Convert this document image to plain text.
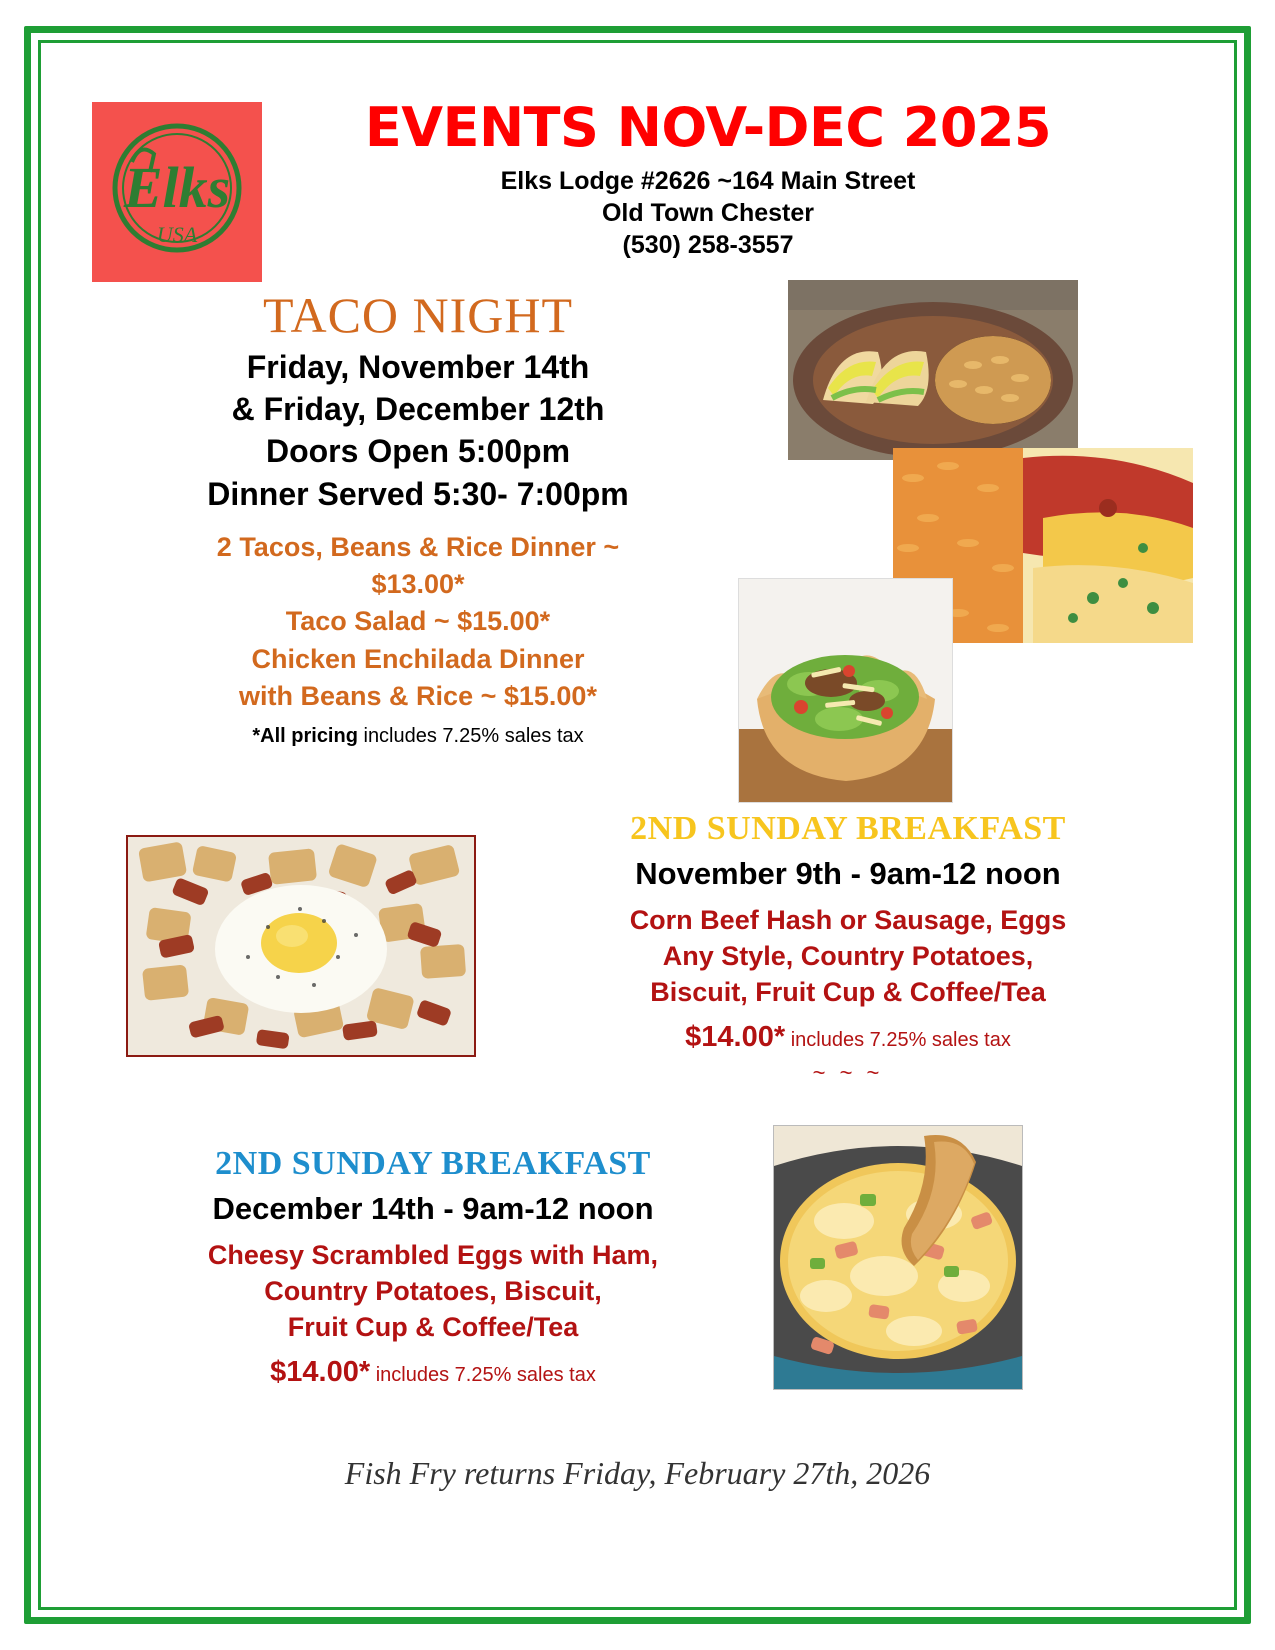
Elks
USA
EVENTS NOV-DEC 2025
Elks Lodge #2626 ~164 Main Street
Old Town Chester
(530) 258-3557
TACO NIGHT
Friday, November 14th
& Friday, December 12th
Doors Open 5:00pm
Dinner Served 5:30- 7:00pm
2 Tacos, Beans & Rice Dinner ~
$13.00*
Taco Salad ~ $15.00*
Chicken Enchilada Dinner
with Beans & Rice ~ $15.00*
*All pricing includes 7.25% sales tax
2ND SUNDAY BREAKFAST
November 9th - 9am-12 noon
Corn Beef Hash or Sausage, Eggs
Any Style, Country Potatoes,
Biscuit, Fruit Cup & Coffee/Tea
$14.00* includes 7.25% sales tax
~ ~ ~
2ND SUNDAY BREAKFAST
December 14th - 9am-12 noon
Cheesy Scrambled Eggs with Ham,
Country Potatoes, Biscuit,
Fruit Cup & Coffee/Tea
$14.00* includes 7.25% sales tax
Fish Fry returns Friday, February 27th, 2026
